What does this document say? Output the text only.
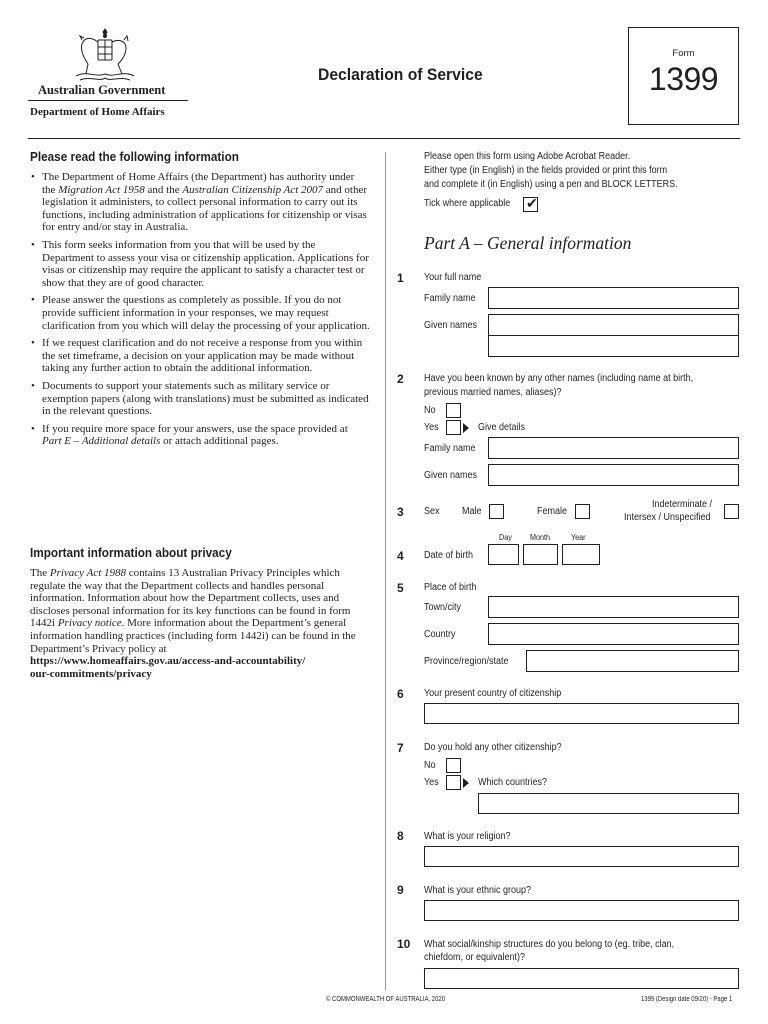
Australian Government
Department of Home Affairs
Declaration of Service
Form
1399
Please read the following information
• The Department of Home Affairs (the Department) has authority under the Migration Act 1958 and the Australian Citizenship Act 2007 and other legislation it administers, to collect personal information to carry out its functions, including administration of applications for citizenship or visas for entry and/or stay in Australia.
• This form seeks information from you that will be used by the Department to assess your visa or citizenship application. Applications for visas or citizenship may require the applicant to satisfy a character test or show that they are of good character.
• Please answer the questions as completely as possible. If you do not provide sufficient information in your responses, we may request clarification from you which will delay the processing of your application.
• If we request clarification and do not receive a response from you within the set timeframe, a decision on your application may be made without taking any further action to obtain the additional information.
• Documents to support your statements such as military service or exemption papers (along with translations) must be submitted as indicated in the relevant questions.
• If you require more space for your answers, use the space provided at Part E – Additional details or attach additional pages.
Important information about privacy
The Privacy Act 1988 contains 13 Australian Privacy Principles which regulate the way that the Department collects and handles personal information. Information about how the Department collects, uses and discloses personal information for its key functions can be found in form 1442i Privacy notice. More information about the Department’s general information handling practices (including form 1442i) can be found in the Department’s Privacy policy at
https://www.homeaffairs.gov.au/access-and-accountability/
our-commitments/privacy
Please open this form using Adobe Acrobat Reader.
Either type (in English) in the fields provided or print this form
and complete it (in English) using a pen and BLOCK LETTERS.
Tick where applicable ✔
Part A – General information
1 Your full name
Family name
Given names
2 Have you been known by any other names (including name at birth,
previous married names, aliases)?
No
Yes	Give details
Family name
Given names
3 Sex Male	Female
Indeterminate /
Intersex / Unspecified
Day Month	Year
4 Date of birth
5 Place of birth
Town/city
Country
Province/region/state
6 Your present country of citizenship
7 Do you hold any other citizenship?
No
Yes	Which countries?
8 What is your religion?
9 What is your ethnic group?
10 What social/kinship structures do you belong to (eg. tribe, clan,
chiefdom, or equivalent)?
© COMMONWEALTH OF AUSTRALIA, 2020	1399 (Design date 09/20) - Page 1
